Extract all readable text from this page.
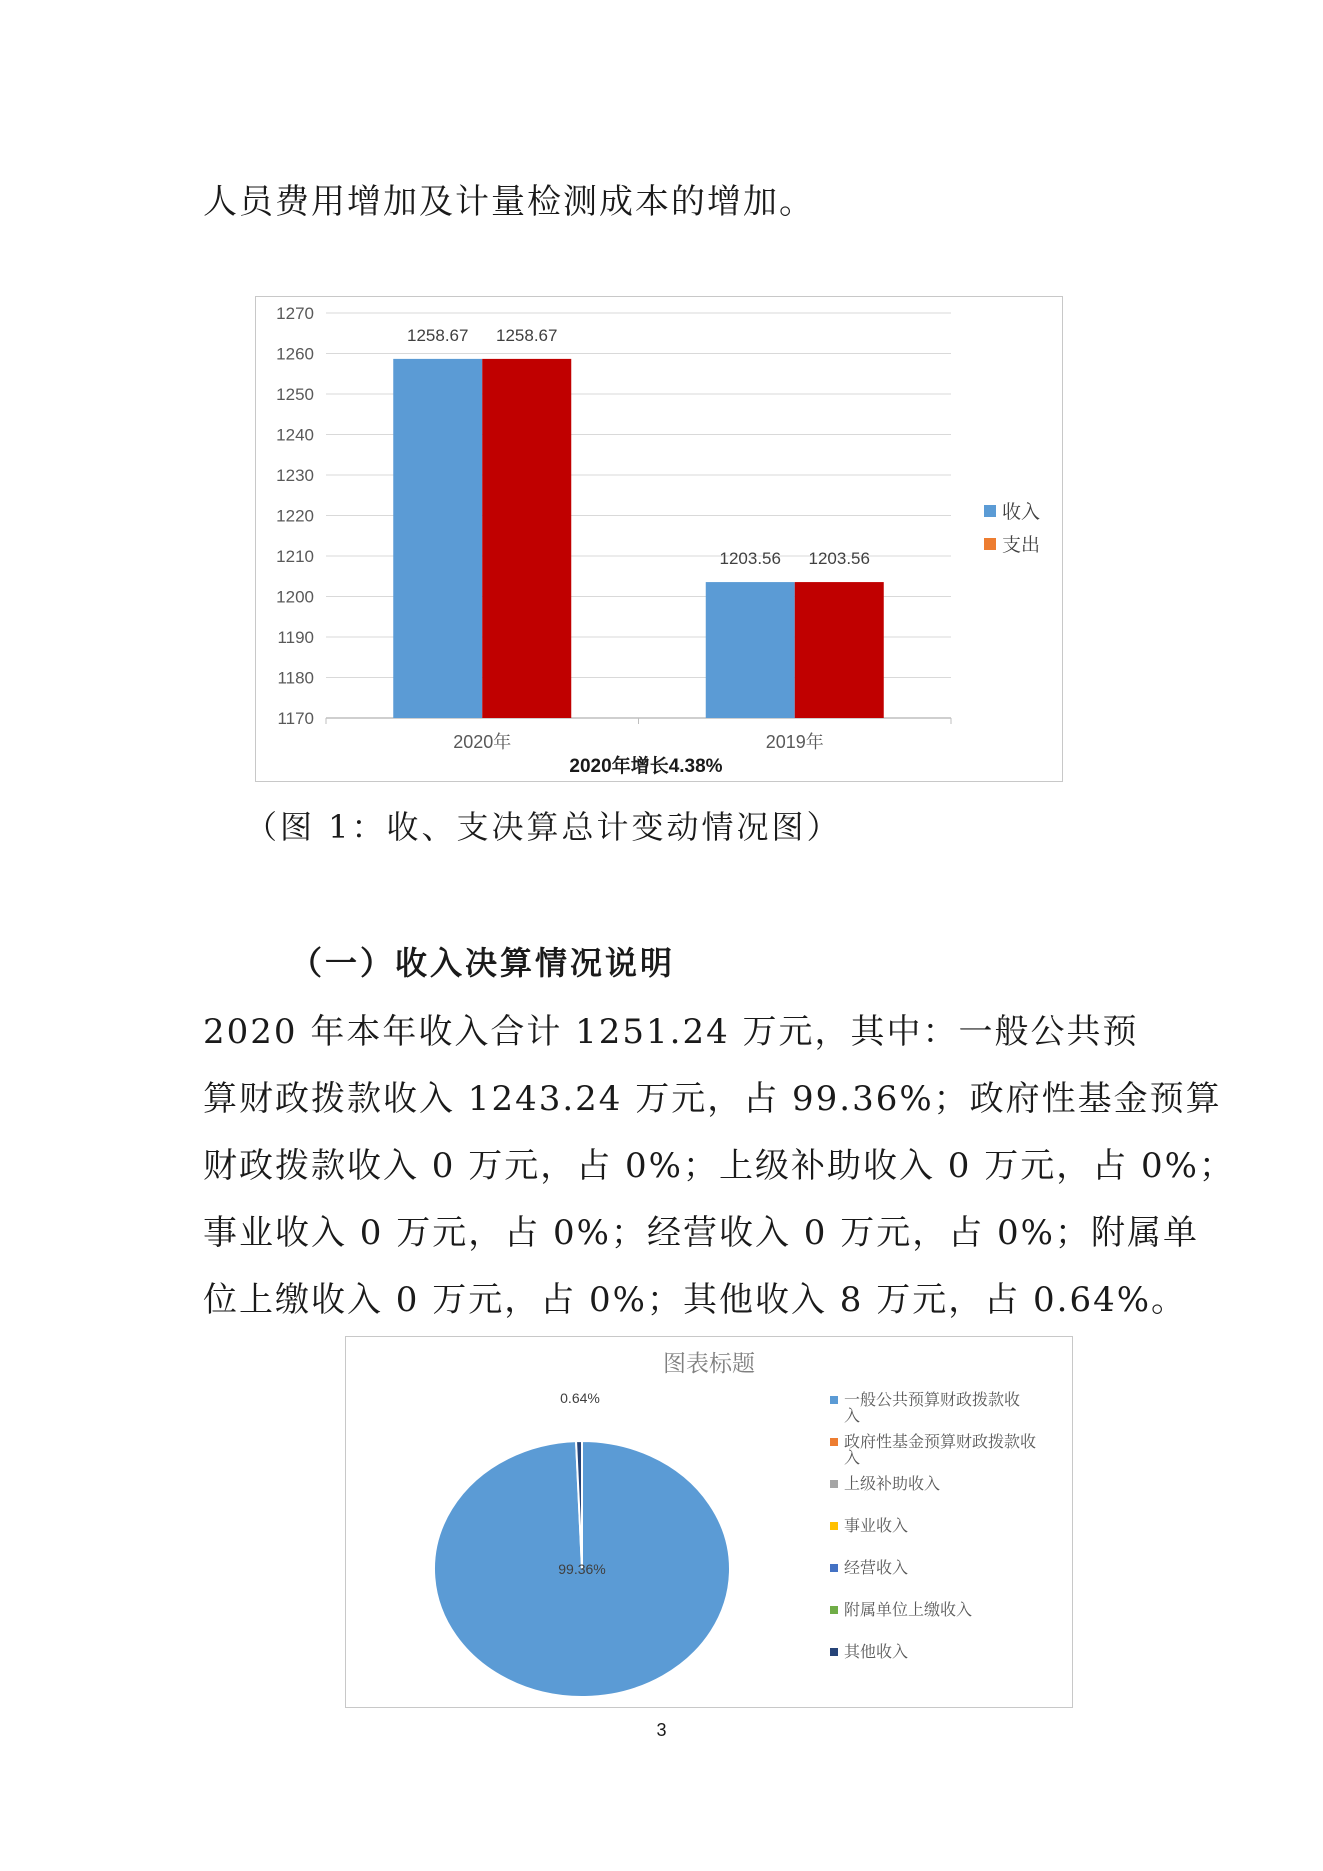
人员费用增加及计量检测成本的增加。
1170
1180
1190
1200
1210
1220
1230
1240
1250
1260
1270
1258.67 1258.67
2020年
1203.56 1203.56
2019年
2020年增长4.38%
收入
支出
（图 1：收、支决算总计变动情况图）
（一）收入决算情况说明
2020 年本年收入合计 1251.24 万元，其中：一般公共预
算财政拨款收入 1243.24 万元，占 99.36%；政府性基金预算
财政拨款收入 0 万元，占 0%；上级补助收入 0 万元，占 0%；
事业收入 0 万元，占 0%；经营收入 0 万元，占 0%；附属单
位上缴收入 0 万元，占 0%；其他收入 8 万元，占 0.64%。
图表标题
99.36%
0.64%	一般公共预算财政拨款收
入
政府性基金预算财政拨款收
入
上级补助收入
事业收入
经营收入
附属单位上缴收入
其他收入
3
